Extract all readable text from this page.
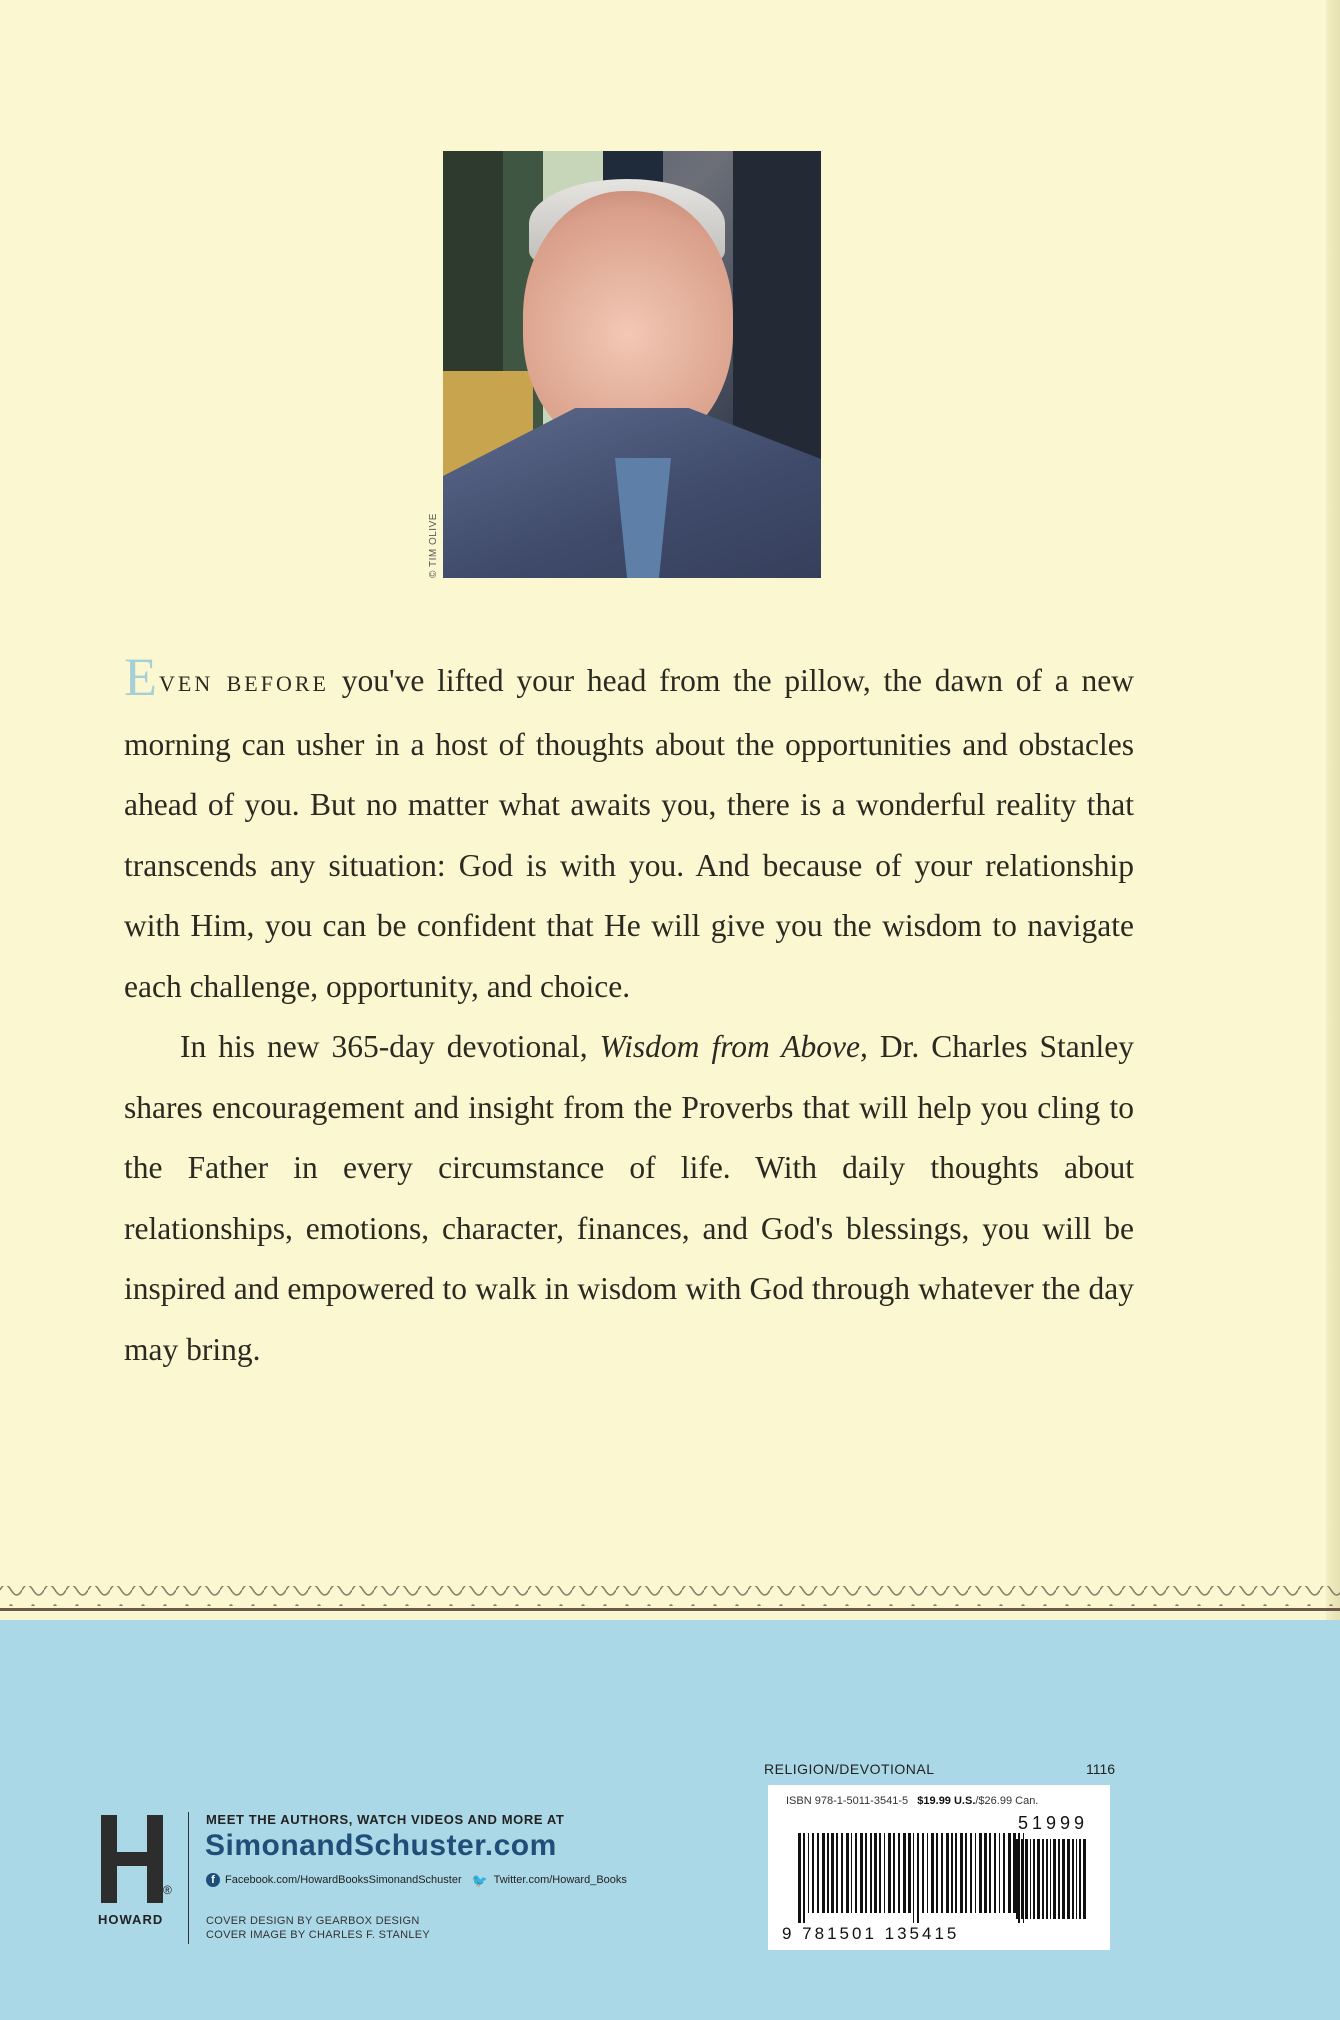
© TIM OLIVE

EVEN BEFORE you've lifted your head from the pillow, the dawn of a new morning can usher in a host of thoughts about the opportunities and obstacles ahead of you. But no matter what awaits you, there is a wonderful reality that transcends any situation: God is with you. And because of your relationship with Him, you can be confident that He will give you the wisdom to navigate each challenge, opportunity, and choice.

In his new 365-day devotional, Wisdom from Above, Dr. Charles Stanley shares encouragement and insight from the Proverbs that will help you cling to the Father in every circumstance of life. With daily thoughts about relationships, emotions, character, finances, and God's blessings, you will be inspired and empowered to walk in wisdom with God through whatever the day may bring.

®
HOWARD
MEET THE AUTHORS, WATCH VIDEOS AND MORE AT
SimonandSchuster.com
f Facebook.com/HowardBooksSimonandSchuster 🐦 Twitter.com/Howard_Books
COVER DESIGN BY GEARBOX DESIGN
COVER IMAGE BY CHARLES F. STANLEY
RELIGION/DEVOTIONAL	1116
ISBN 978-1-5011-3541-5 $19.99 U.S./$26.99 Can.
51999
9 781501 135415
